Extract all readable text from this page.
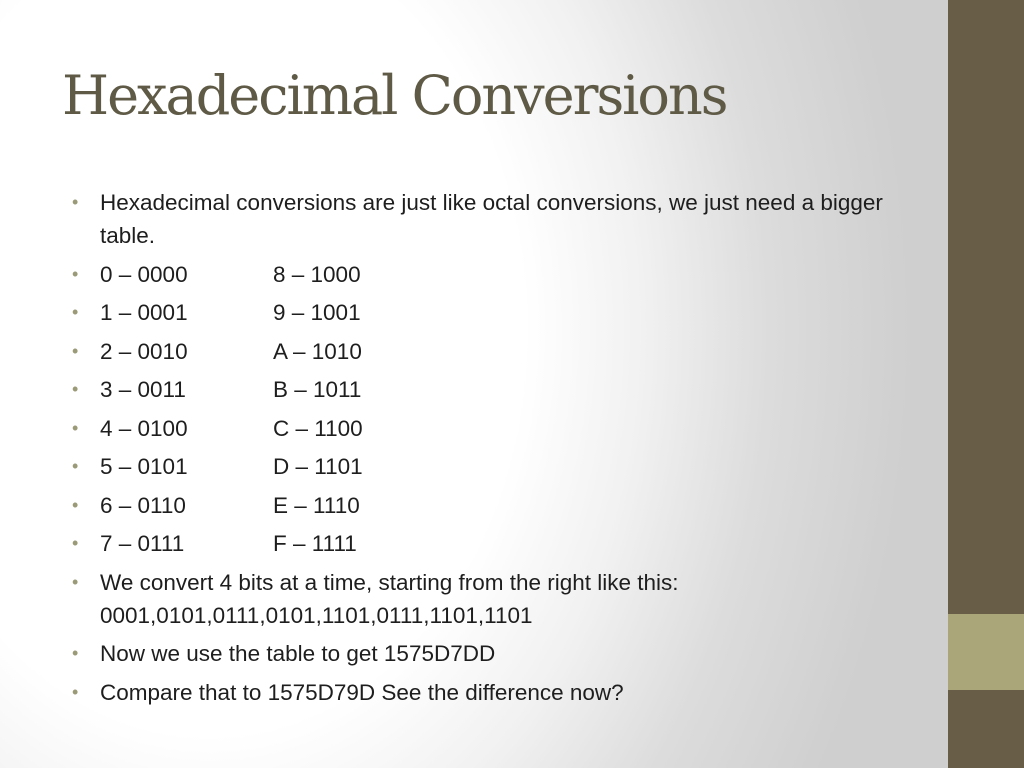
Hexadecimal Conversions
• Hexadecimal conversions are just like octal conversions, we just need a bigger table.
• 0 – 0000	8 – 1000
• 1 – 0001	9 – 1001
• 2 – 0010	A – 1010
• 3 – 0011	B – 1011
• 4 – 0100	C – 1100
• 5 – 0101	D – 1101
• 6 – 0110	E – 1110
• 7 – 0111	F – 1111
• We convert 4 bits at a time, starting from the right like this:
0001,0101,0111,0101,1101,0111,1101,1101
• Now we use the table to get 1575D7DD
• Compare that to 1575D79D See the difference now?
